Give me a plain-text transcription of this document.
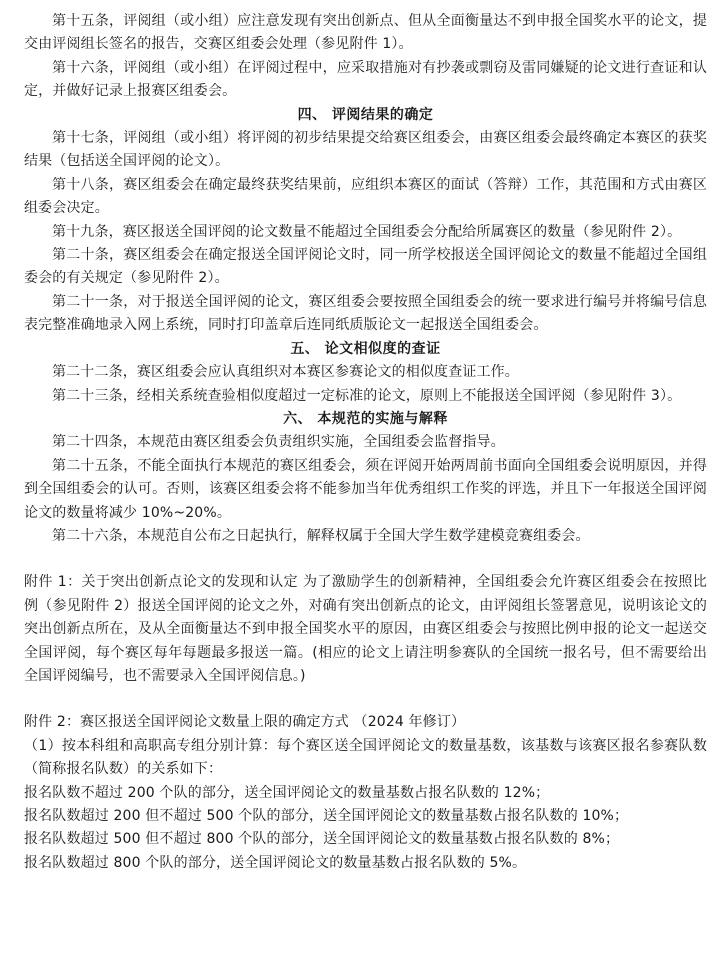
第十五条，评阅组（或小组）应注意发现有突出创新点、但从全面衡量达不到申报全国奖水平的论文，提交由评阅组长签名的报告，交赛区组委会处理（参见附件 1）。

第十六条，评阅组（或小组）在评阅过程中，应采取措施对有抄袭或剽窃及雷同嫌疑的论文进行查证和认定，并做好记录上报赛区组委会。

四、 评阅结果的确定

第十七条，评阅组（或小组）将评阅的初步结果提交给赛区组委会，由赛区组委会最终确定本赛区的获奖结果（包括送全国评阅的论文）。

第十八条，赛区组委会在确定最终获奖结果前，应组织本赛区的面试（答辩）工作，其范围和方式由赛区组委会决定。

第十九条，赛区报送全国评阅的论文数量不能超过全国组委会分配给所属赛区的数量（参见附件 2）。

第二十条，赛区组委会在确定报送全国评阅论文时，同一所学校报送全国评阅论文的数量不能超过全国组委会的有关规定（参见附件 2）。

第二十一条，对于报送全国评阅的论文，赛区组委会要按照全国组委会的统一要求进行编号并将编号信息表完整准确地录入网上系统，同时打印盖章后连同纸质版论文一起报送全国组委会。

五、 论文相似度的查证

第二十二条，赛区组委会应认真组织对本赛区参赛论文的相似度查证工作。

第二十三条，经相关系统查验相似度超过一定标准的论文，原则上不能报送全国评阅（参见附件 3）。

六、 本规范的实施与解释

第二十四条，本规范由赛区组委会负责组织实施，全国组委会监督指导。

第二十五条，不能全面执行本规范的赛区组委会，须在评阅开始两周前书面向全国组委会说明原因，并得到全国组委会的认可。否则，该赛区组委会将不能参加当年优秀组织工作奖的评选，并且下一年报送全国评阅论文的数量将减少 10%~20%。

第二十六条，本规范自公布之日起执行，解释权属于全国大学生数学建模竞赛组委会。

附件 1：关于突出创新点论文的发现和认定 为了激励学生的创新精神，全国组委会允许赛区组委会在按照比例（参见附件 2）报送全国评阅的论文之外，对确有突出创新点的论文，由评阅组长签署意见，说明该论文的突出创新点所在，及从全面衡量达不到申报全国奖水平的原因，由赛区组委会与按照比例申报的论文一起送交全国评阅，每个赛区每年每题最多报送一篇。(相应的论文上请注明参赛队的全国统一报名号，但不需要给出全国评阅编号，也不需要录入全国评阅信息。)

附件 2：赛区报送全国评阅论文数量上限的确定方式 （2024 年修订）

（1）按本科组和高职高专组分别计算：每个赛区送全国评阅论文的数量基数，该基数与该赛区报名参赛队数（简称报名队数）的关系如下：

报名队数不超过 200 个队的部分，送全国评阅论文的数量基数占报名队数的 12%；

报名队数超过 200 但不超过 500 个队的部分，送全国评阅论文的数量基数占报名队数的 10%；

报名队数超过 500 但不超过 800 个队的部分，送全国评阅论文的数量基数占报名队数的 8%；

报名队数超过 800 个队的部分，送全国评阅论文的数量基数占报名队数的 5%。
